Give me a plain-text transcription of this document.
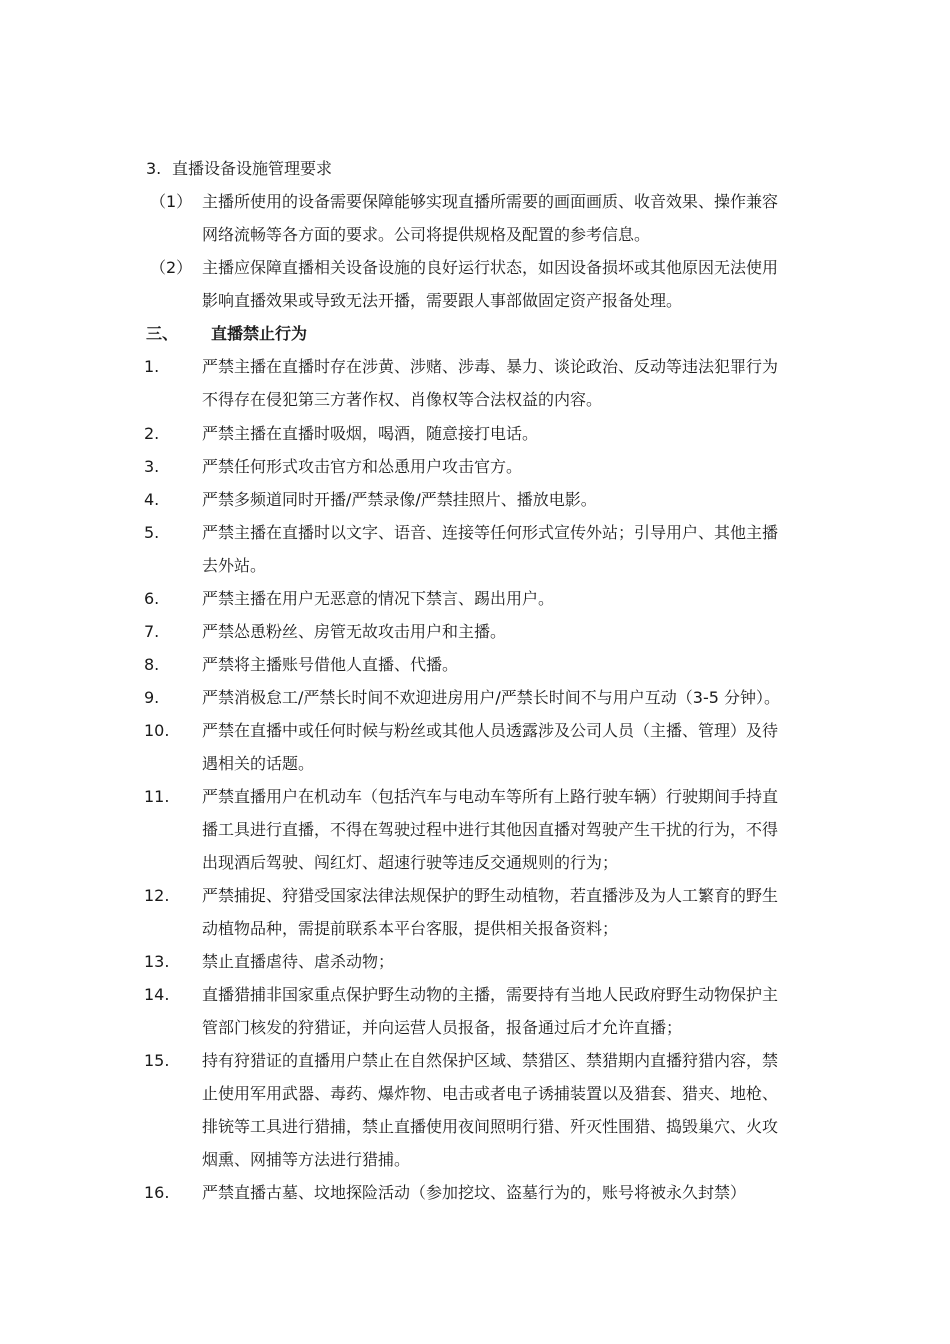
3. 直播设备设施管理要求
（1） 主播所使用的设备需要保障能够实现直播所需要的画面画质、收音效果、操作兼容
网络流畅等各方面的要求。公司将提供规格及配置的参考信息。
（2） 主播应保障直播相关设备设施的良好运行状态，如因设备损坏或其他原因无法使用
影响直播效果或导致无法开播，需要跟人事部做固定资产报备处理。
三、 直播禁止行为
1.	严禁主播在直播时存在涉黄、涉赌、涉毒、暴力、谈论政治、反动等违法犯罪行为
不得存在侵犯第三方著作权、肖像权等合法权益的内容。
2.	严禁主播在直播时吸烟，喝酒，随意接打电话。
3.	严禁任何形式攻击官方和怂恿用户攻击官方。
4.	严禁多频道同时开播/严禁录像/严禁挂照片、播放电影。
5.	严禁主播在直播时以文字、语音、连接等任何形式宣传外站；引导用户、其他主播
去外站。
6.	严禁主播在用户无恶意的情况下禁言、踢出用户。
7.	严禁怂恿粉丝、房管无故攻击用户和主播。
8.	严禁将主播账号借他人直播、代播。
9.	严禁消极怠工/严禁长时间不欢迎进房用户/严禁长时间不与用户互动（3-5 分钟）。
10. 严禁在直播中或任何时候与粉丝或其他人员透露涉及公司人员（主播、管理）及待
遇相关的话题。
11. 严禁直播用户在机动车（包括汽车与电动车等所有上路行驶车辆）行驶期间手持直
播工具进行直播，不得在驾驶过程中进行其他因直播对驾驶产生干扰的行为，不得
出现酒后驾驶、闯红灯、超速行驶等违反交通规则的行为；
12. 严禁捕捉、狩猎受国家法律法规保护的野生动植物，若直播涉及为人工繁育的野生
动植物品种，需提前联系本平台客服，提供相关报备资料；
13. 禁止直播虐待、虐杀动物；
14. 直播猎捕非国家重点保护野生动物的主播，需要持有当地人民政府野生动物保护主
管部门核发的狩猎证，并向运营人员报备，报备通过后才允许直播；
15. 持有狩猎证的直播用户禁止在自然保护区域、禁猎区、禁猎期内直播狩猎内容，禁
止使用军用武器、毒药、爆炸物、电击或者电子诱捕装置以及猎套、猎夹、地枪、
排铳等工具进行猎捕，禁止直播使用夜间照明行猎、歼灭性围猎、捣毁巢穴、火攻
烟熏、网捕等方法进行猎捕。
16. 严禁直播古墓、坟地探险活动（参加挖坟、盗墓行为的，账号将被永久封禁）
